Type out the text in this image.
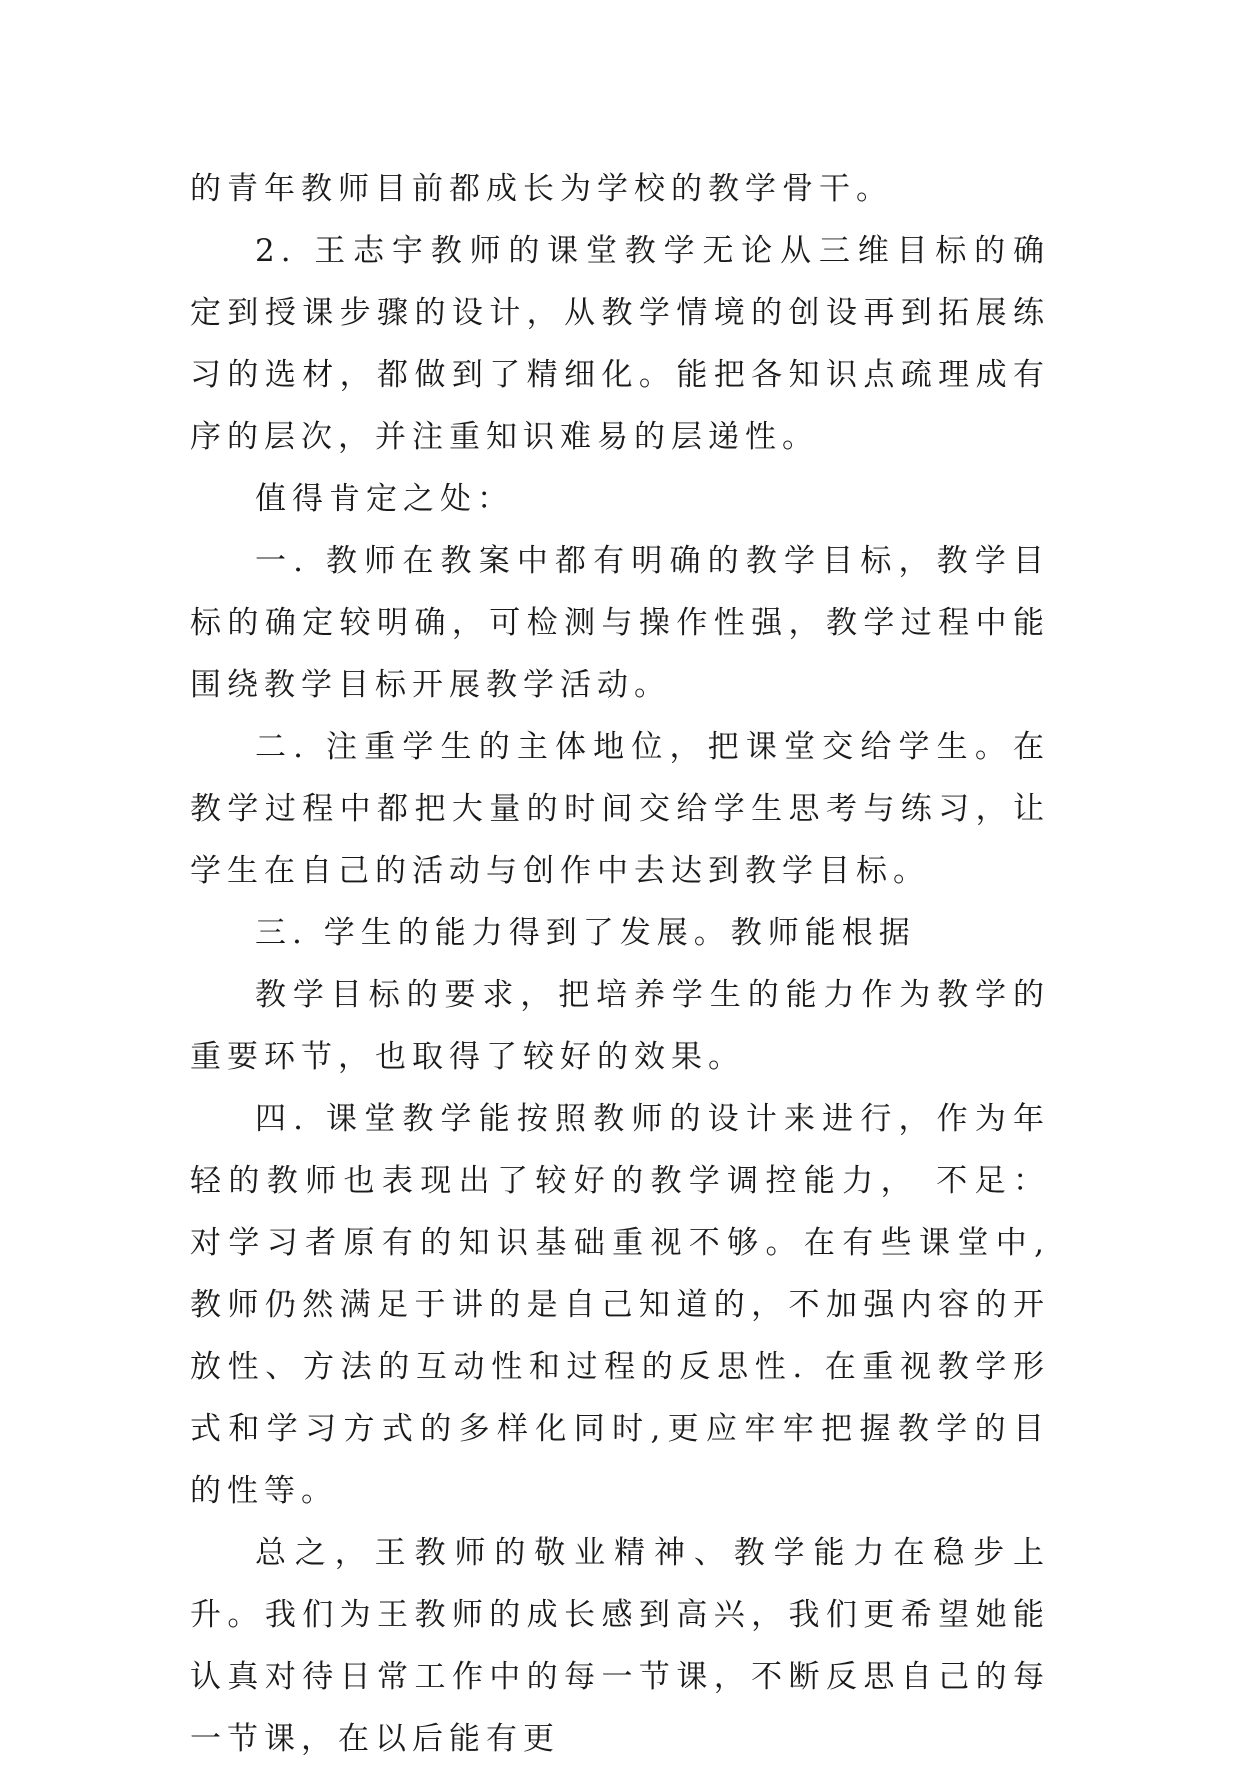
的青年教师目前都成长为学校的教学骨干。

2. 王志宇教师的课堂教学无论从三维目标的确定到授课步骤的设计，从教学情境的创设再到拓展练习的选材，都做到了精细化。能把各知识点疏理成有序的层次，并注重知识难易的层递性。

值得肯定之处：

一. 教师在教案中都有明确的教学目标，教学目标的确定较明确，可检测与操作性强，教学过程中能围绕教学目标开展教学活动。

二. 注重学生的主体地位，把课堂交给学生。在教学过程中都把大量的时间交给学生思考与练习，让学生在自己的活动与创作中去达到教学目标。

三. 学生的能力得到了发展。教师能根据

教学目标的要求，把培养学生的能力作为教学的重要环节，也取得了较好的效果。

四. 课堂教学能按照教师的设计来进行，作为年轻的教师也表现出了较好的教学调控能力， 不足：对学习者原有的知识基础重视不够。在有些课堂中,教师仍然满足于讲的是自己知道的，不加强内容的开放性、方法的互动性和过程的反思性. 在重视教学形式和学习方式的多样化同时,更应牢牢把握教学的目的性等。

总之，王教师的敬业精神、教学能力在稳步上升。我们为王教师的成长感到高兴，我们更希望她能认真对待日常工作中的每一节课，不断反思自己的每一节课，在以后能有更
